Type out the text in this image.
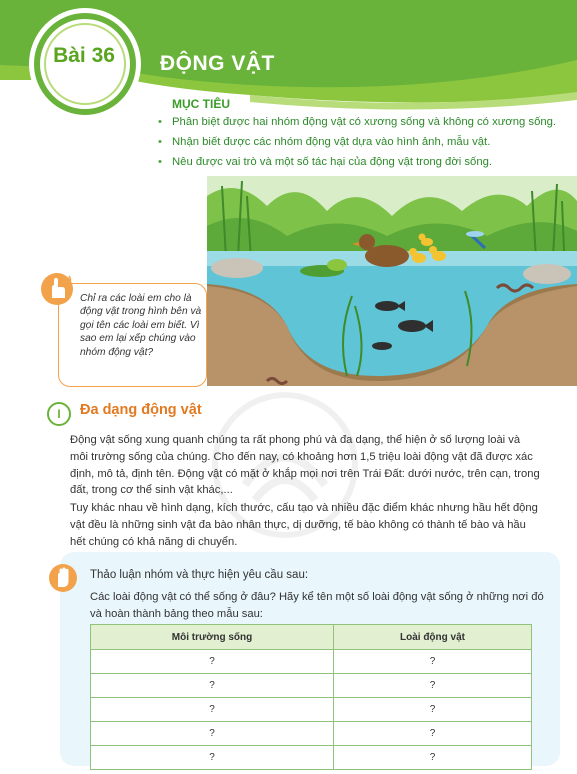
Bài 36	ĐỘNG VẬT
MỤC TIÊU
• Phân biệt được hai nhóm động vật có xương sống và không có xương sống.
• Nhận biết được các nhóm động vật dựa vào hình ảnh, mẫu vật.
• Nêu được vai trò và một số tác hại của động vật trong đời sống.
Chỉ ra các loài em cho là động vật trong hình bên và gọi tên các loài em biết. Vì sao em lại xếp chúng vào nhóm động vật?
I	Đa dạng động vật

Động vật sống xung quanh chúng ta rất phong phú và đa dạng, thể hiện ở số lượng loài và môi trường sống của chúng. Cho đến nay, có khoảng hơn 1,5 triệu loài động vật đã được xác định, mô tả, định tên. Động vật có mặt ở khắp mọi nơi trên Trái Đất: dưới nước, trên cạn, trong đất, trong cơ thể sinh vật khác,...

Tuy khác nhau về hình dạng, kích thước, cấu tạo và nhiều đặc điểm khác nhưng hầu hết động vật đều là những sinh vật đa bào nhân thực, dị dưỡng, tế bào không có thành tế bào và hầu hết chúng có khả năng di chuyển.

Thảo luận nhóm và thực hiện yêu cầu sau:
Các loài động vật có thể sống ở đâu? Hãy kể tên một số loài động vật sống ở những nơi đó và hoàn thành bảng theo mẫu sau:
Môi trường sống	Loài động vật
?	?
?	?
?	?
?	?
?	?
